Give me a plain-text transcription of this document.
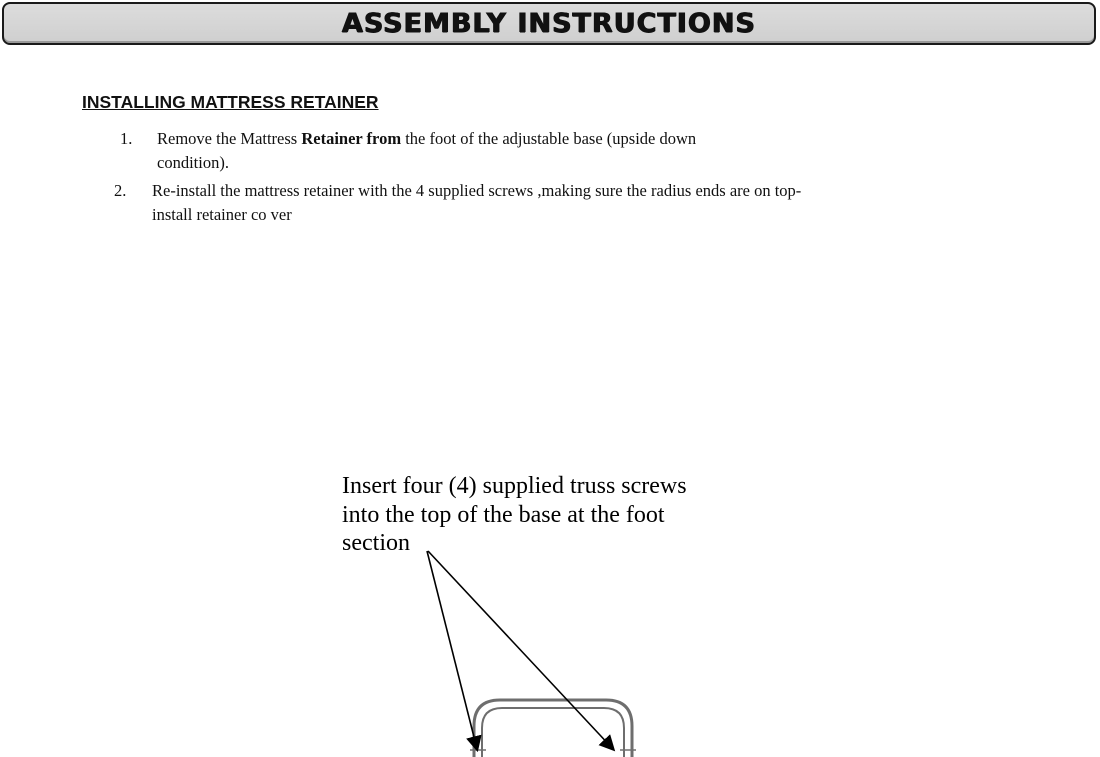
ASSEMBLY INSTRUCTIONS
INSTALLING MATTRESS RETAINER
1. Remove the Mattress Retainer from the foot of the adjustable base (upside down
condition).
2. Re-install the mattress retainer with the 4 supplied screws ,making sure the radius ends are on top-
install retainer co ver
Insert four (4) supplied truss screws
into the top of the base at the foot
section
